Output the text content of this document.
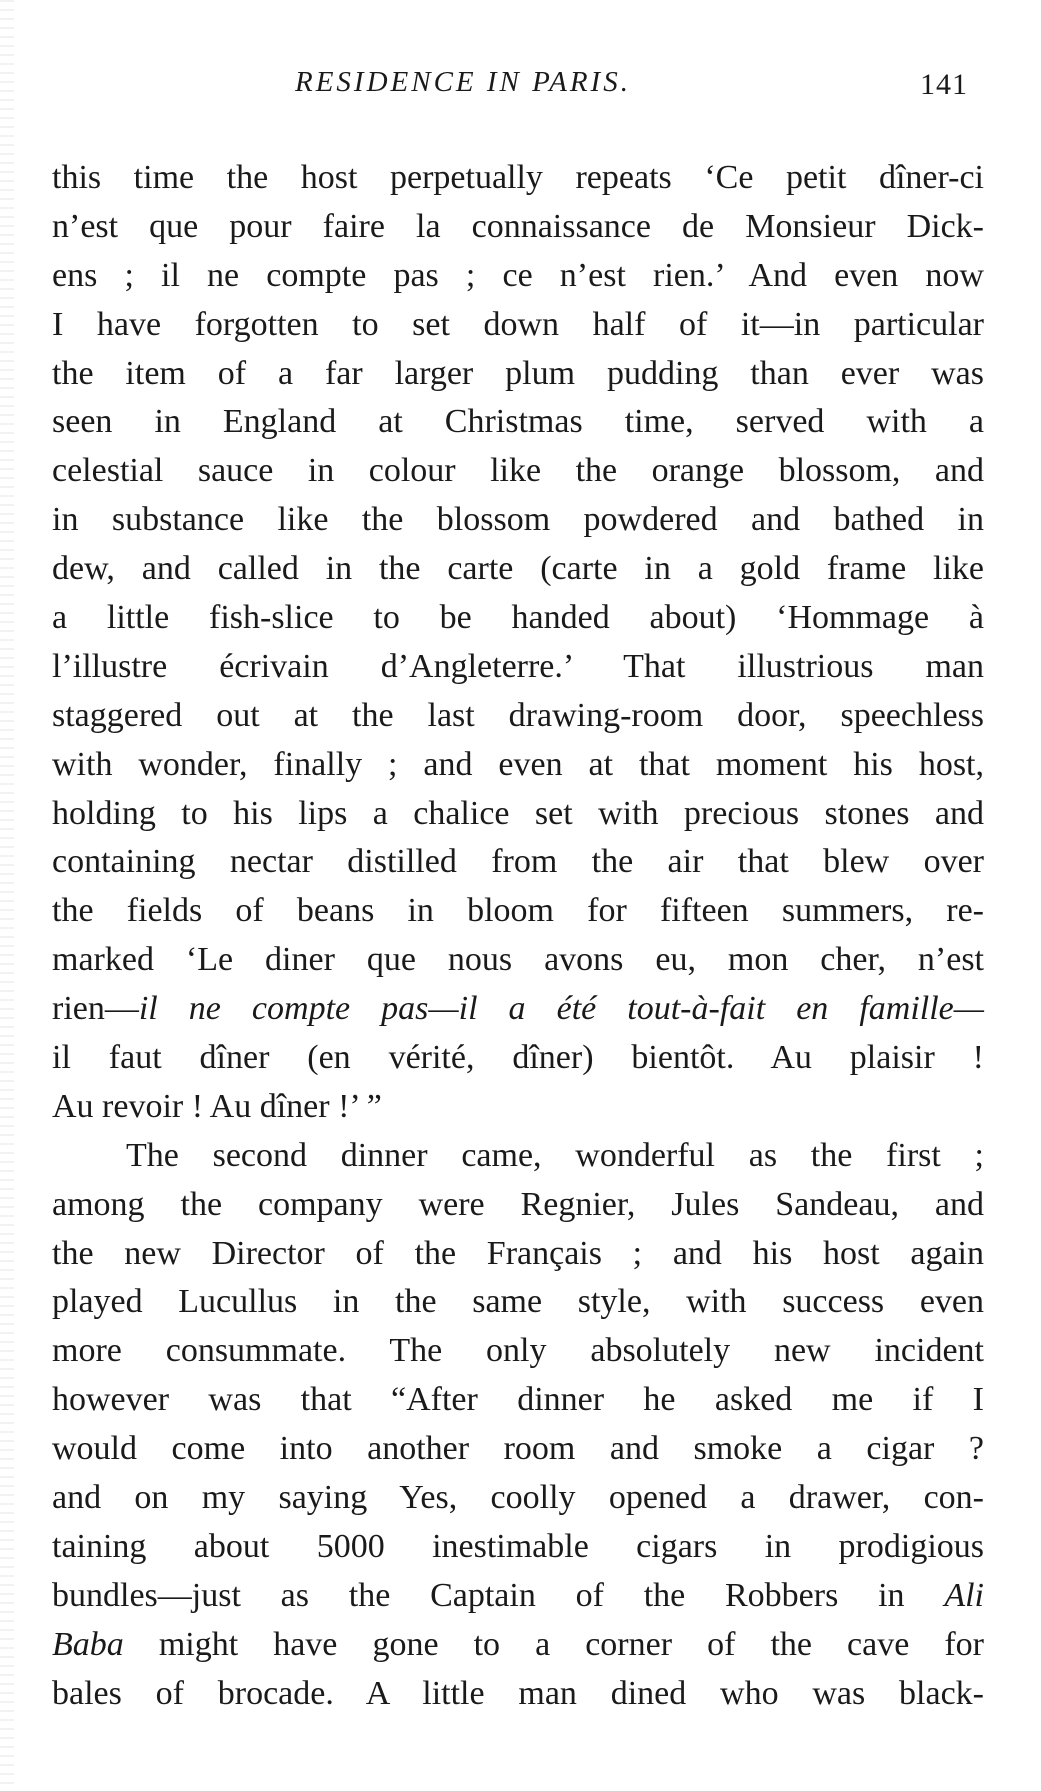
RESIDENCE IN PARIS.	141
this time the host perpetually repeats ‘Ce petit dîner-ci
n’est que pour faire la connaissance de Monsieur Dick-
ens ; il ne compte pas ; ce n’est rien.’ And even now
I have forgotten to set down half of it—in particular
the item of a far larger plum pudding than ever was
seen in England at Christmas time, served with a
celestial sauce in colour like the orange blossom, and
in substance like the blossom powdered and bathed in
dew, and called in the carte (carte in a gold frame like
a little fish-slice to be handed about) ‘Hommage à
l’illustre écrivain d’Angleterre.’ That illustrious man
staggered out at the last drawing-room door, speechless
with wonder, finally ; and even at that moment his host,
holding to his lips a chalice set with precious stones and
containing nectar distilled from the air that blew over
the fields of beans in bloom for fifteen summers, re-
marked ‘Le diner que nous avons eu, mon cher, n’est
rien—il ne compte pas—il a été tout-à-fait en famille—
il faut dîner (en vérité, dîner) bientôt. Au plaisir !
Au revoir ! Au dîner !’ ”
The second dinner came, wonderful as the first ;
among the company were Regnier, Jules Sandeau, and
the new Director of the Français ; and his host again
played Lucullus in the same style, with success even
more consummate. The only absolutely new incident
however was that “After dinner he asked me if I
would come into another room and smoke a cigar ?
and on my saying Yes, coolly opened a drawer, con-
taining about 5000 inestimable cigars in prodigious
bundles—just as the Captain of the Robbers in Ali
Baba might have gone to a corner of the cave for
bales of brocade. A little man dined who was black-
